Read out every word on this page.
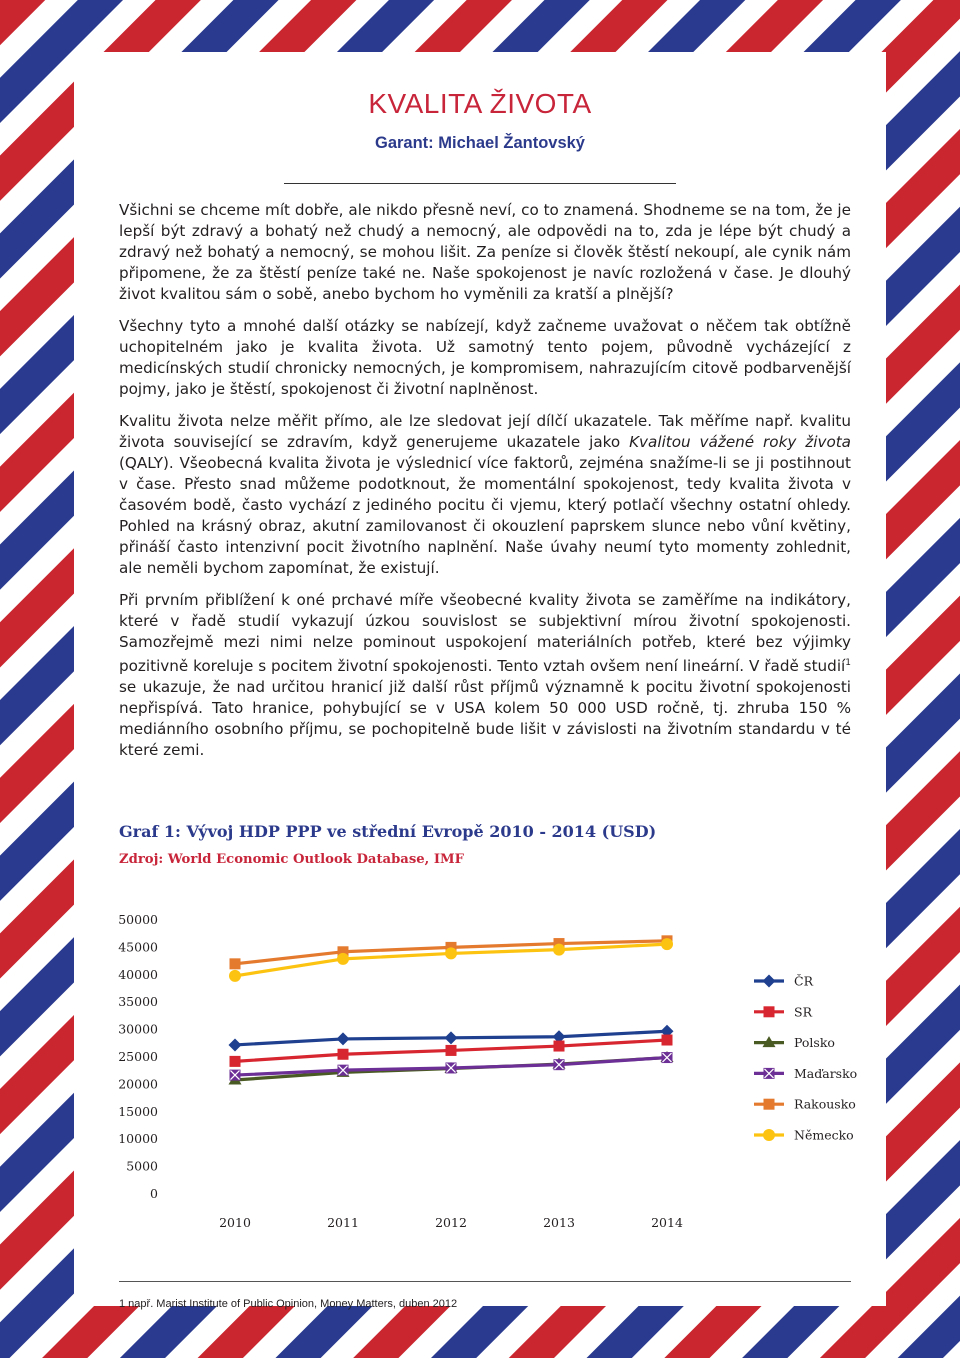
KVALITA ŽIVOTA
Garant: Michael Žantovský

Všichni se chceme mít dobře, ale nikdo přesně neví, co to znamená. Shodneme se na tom, že je lepší být zdravý a bohatý než chudý a nemocný, ale odpovědi na to, zda je lépe být chudý a zdravý než bohatý a nemocný, se mohou lišit. Za peníze si člověk štěstí nekoupí, ale cynik nám připomene, že za štěstí peníze také ne. Naše spokojenost je navíc rozložená v čase. Je dlouhý život kvalitou sám o sobě, anebo bychom ho vyměnili za kratší a plnější?

Všechny tyto a mnohé další otázky se nabízejí, když začneme uvažovat o něčem tak obtížně uchopitelném jako je kvalita života. Už samotný tento pojem, původně vycházející z medicínských studií chronicky nemocných, je kompromisem, nahrazujícím citově podbarvenější pojmy, jako je štěstí, spokojenost či životní naplněnost.

Kvalitu života nelze měřit přímo, ale lze sledovat její dílčí ukazatele. Tak měříme např. kvalitu života související se zdravím, když generujeme ukazatele jako Kvalitou vážené roky života (QALY). Všeobecná kvalita života je výslednicí více faktorů, zejména snažíme-li se ji postihnout v čase. Přesto snad můžeme podotknout, že momentální spokojenost, tedy kvalita života v časovém bodě, často vychází z jediného pocitu či vjemu, který potlačí všechny ostatní ohledy. Pohled na krásný obraz, akutní zamilovanost či okouzlení paprskem slunce nebo vůní květiny, přináší často intenzivní pocit životního naplnění. Naše úvahy neumí tyto momenty zohlednit, ale neměli bychom zapomínat, že existují.

Při prvním přiblížení k oné prchavé míře všeobecné kvality života se zaměříme na indikátory, které v řadě studií vykazují úzkou souvislost se subjektivní mírou životní spokojenosti. Samozřejmě mezi nimi nelze pominout uspokojení materiálních potřeb, které bez výjimky pozitivně koreluje s pocitem životní spokojenosti. Tento vztah ovšem není lineární. V řadě studií$^1$ se ukazuje, že nad určitou hranicí již další růst příjmů významně k pocitu životní spokojenosti nepřispívá. Tato hranice, pohybující se v USA kolem 50 000 USD ročně, tj. zhruba 150 % mediánního osobního příjmu, se pochopitelně bude lišit v závislosti na životním standardu v té které zemi.

Graf 1: Vývoj HDP PPP ve střední Evropě 2010 - 2014 (USD)
Zdroj: World Economic Outlook Database, IMF
0
5000
10000
15000
20000
25000
30000
35000
40000
45000
50000
2010	2011	2012	2013	2014
ČR
SR
Polsko
Maďarsko
Rakousko
Německo
1 např. Marist Institute of Public Opinion, Money Matters, duben 2012
